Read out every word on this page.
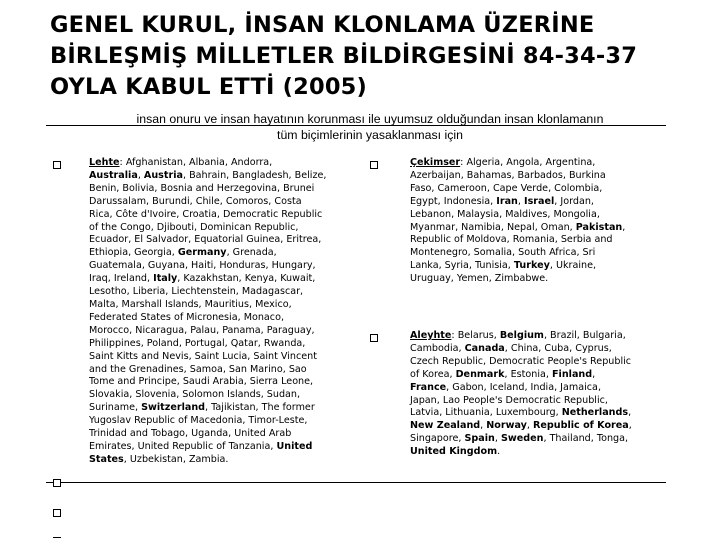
GENEL KURUL, İNSAN KLONLAMA ÜZERİNE
BİRLEŞMİŞ MİLLETLER BİLDİRGESİNİ 84-34-37
OYLA KABUL ETTİ (2005)
insan onuru ve insan hayatının korunması ile uyumsuz olduğundan insan klonlamanın
tüm biçimlerinin yasaklanması için
Lehte: Afghanistan, Albania, Andorra,
Australia, Austria, Bahrain, Bangladesh, Belize,
Benin, Bolivia, Bosnia and Herzegovina, Brunei
Darussalam, Burundi, Chile, Comoros, Costa
Rica, Côte d'Ivoire, Croatia, Democratic Republic
of the Congo, Djibouti, Dominican Republic,
Ecuador, El Salvador, Equatorial Guinea, Eritrea,
Ethiopia, Georgia, Germany, Grenada,
Guatemala, Guyana, Haiti, Honduras, Hungary,
Iraq, Ireland, Italy, Kazakhstan, Kenya, Kuwait,
Lesotho, Liberia, Liechtenstein, Madagascar,
Malta, Marshall Islands, Mauritius, Mexico,
Federated States of Micronesia, Monaco,
Morocco, Nicaragua, Palau, Panama, Paraguay,
Philippines, Poland, Portugal, Qatar, Rwanda,
Saint Kitts and Nevis, Saint Lucia, Saint Vincent
and the Grenadines, Samoa, San Marino, Sao
Tome and Principe, Saudi Arabia, Sierra Leone,
Slovakia, Slovenia, Solomon Islands, Sudan,
Suriname, Switzerland, Tajikistan, The former
Yugoslav Republic of Macedonia, Timor-Leste,
Trinidad and Tobago, Uganda, United Arab
Emirates, United Republic of Tanzania, United
States, Uzbekistan, Zambia.
Çekimser: Algeria, Angola, Argentina,
Azerbaijan, Bahamas, Barbados, Burkina
Faso, Cameroon, Cape Verde, Colombia,
Egypt, Indonesia, Iran, Israel, Jordan,
Lebanon, Malaysia, Maldives, Mongolia,
Myanmar, Namibia, Nepal, Oman, Pakistan,
Republic of Moldova, Romania, Serbia and
Montenegro, Somalia, South Africa, Sri
Lanka, Syria, Tunisia, Turkey, Ukraine,
Uruguay, Yemen, Zimbabwe.
Aleyhte: Belarus, Belgium, Brazil, Bulgaria,
Cambodia, Canada, China, Cuba, Cyprus,
Czech Republic, Democratic People's Republic
of Korea, Denmark, Estonia, Finland,
France, Gabon, Iceland, India, Jamaica,
Japan, Lao People's Democratic Republic,
Latvia, Lithuania, Luxembourg, Netherlands,
New Zealand, Norway, Republic of Korea,
Singapore, Spain, Sweden, Thailand, Tonga,
United Kingdom.
